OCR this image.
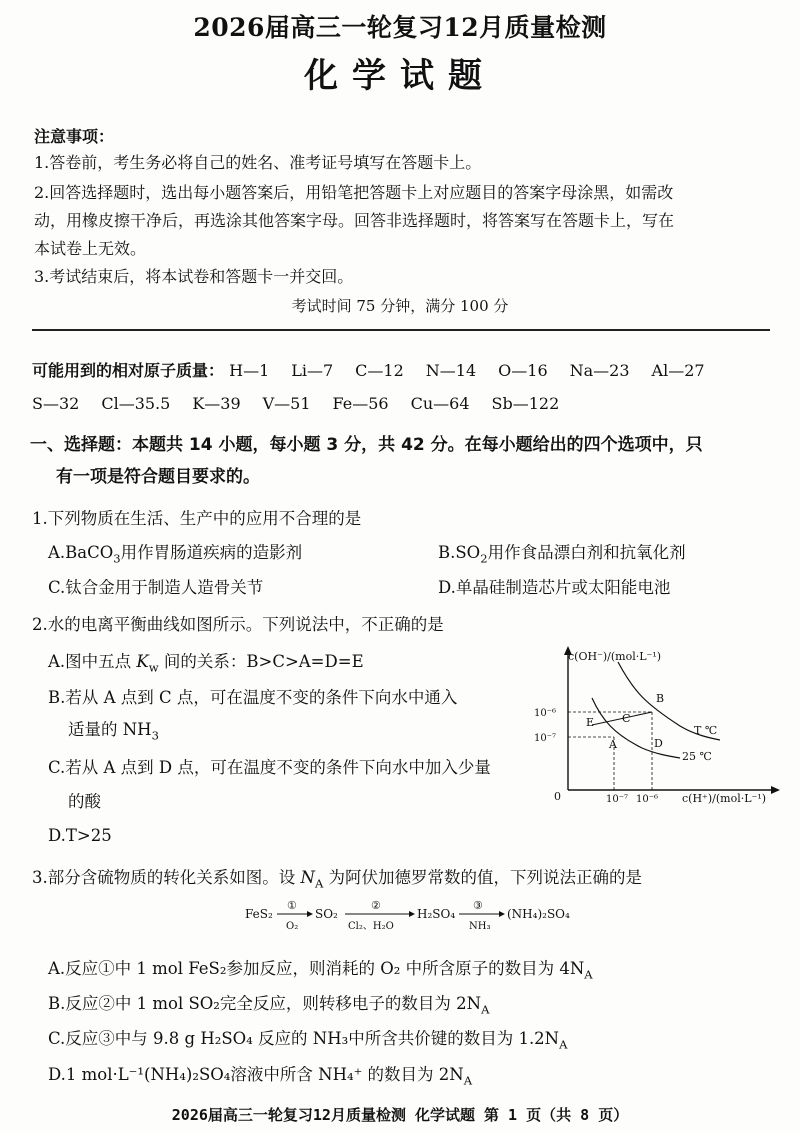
2026届高三一轮复习12月质量检测
化学试题
注意事项：
1.答卷前，考生务必将自己的姓名、准考证号填写在答题卡上。
2.回答选择题时，选出每小题答案后，用铅笔把答题卡上对应题目的答案字母涂黑，如需改
动，用橡皮擦干净后，再选涂其他答案字母。回答非选择题时，将答案写在答题卡上，写在
本试卷上无效。
3.考试结束后，将本试卷和答题卡一并交回。
考试时间 75 分钟，满分 100 分
可能用到的相对原子质量： H—1 Li—7 C—12 N—14 O—16 Na—23 Al—27
S—32 Cl—35.5 K—39 V—51 Fe—56 Cu—64 Sb—122
一、选择题：本题共 14 小题，每小题 3 分，共 42 分。在每小题给出的四个选项中，只
有一项是符合题目要求的。
1.下列物质在生活、生产中的应用不合理的是
A.BaCO$_3$用作胃肠道疾病的造影剂	$B.SO_2$用作食品漂白剂和抗氧化剂
C.钛合金用于制造人造骨关节	D.单晶硅制造芯片或太阳能电池
2.水的电离平衡曲线如图所示。下列说法中，不正确的是
A.图中五点 $K_w$ 间的关系：B>C>A=D=E
B.若从 A 点到 C 点，可在温度不变的条件下向水中通入
适量的 $NH_3$
C.若从 A 点到 D 点，可在温度不变的条件下向水中加入少量
的酸
D.T>25
c(OH⁻)/(mol·L⁻¹)
c(H⁺)/(mol·L⁻¹)
0
10⁻⁶
10⁻⁷
10⁻⁷ 10⁻⁶
A
B
C
D
E
T ℃
25 ℃
3.部分含硫物质的转化关系如图。设 $N_A$ 为阿伏加德罗常数的值，下列说法正确的是
FeS₂
①
O₂
SO₂
②
Cl₂、H₂O
H₂SO₄
③
NH₃
(NH₄)₂SO₄
A.反应①中 1 mol FeS₂参加反应，则消耗的 O₂ 中所含原子的数目为 $4N_A$
B.反应②中 1 mol SO₂完全反应，则转移电子的数目为 $2N_A$
C.反应③中与 9.8 g H₂SO₄ 反应的 NH₃中所含共价键的数目为 $1.2N_A$
D.1 mol·L⁻¹(NH₄)₂SO₄溶液中所含 NH₄⁺ 的数目为 $2N_A$
2026届高三一轮复习12月质量检测 化学试题 第 1 页（共 8 页）
